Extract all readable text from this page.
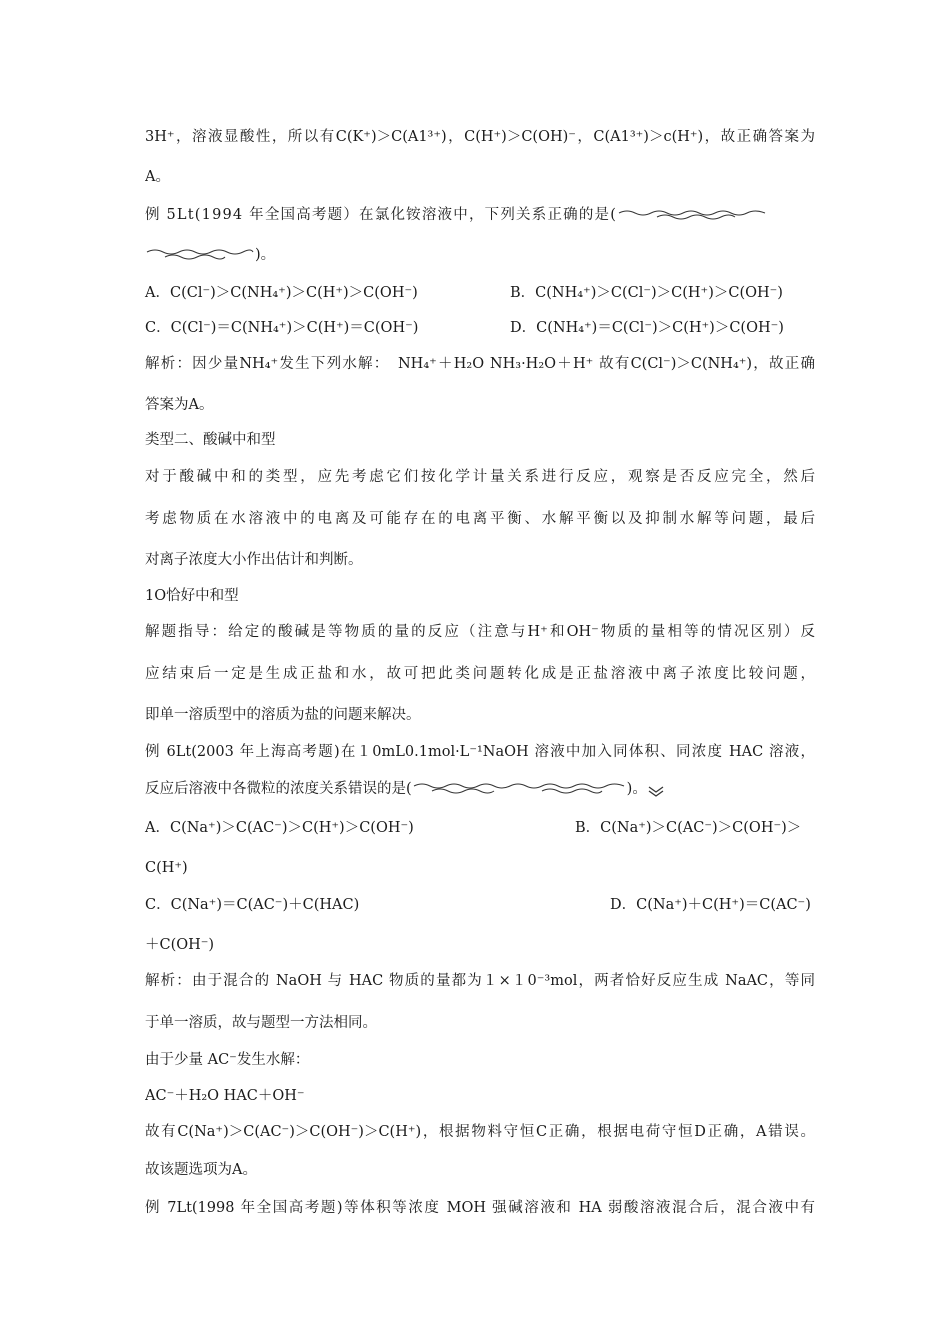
3H⁺，溶液显酸性，所以有C(K⁺)＞C(A1³⁺)，C(H⁺)＞C(OH)⁻，C(A1³⁺)＞c(H⁺)，故正确答案为
A。
例 5Ⅼt(1994 年全国高考题）在氯化铵溶液中，下列关系正确的是(
)。
A．C(Cl⁻)＞C(NH₄⁺)＞C(H⁺)＞C(OH⁻)	B．C(NH₄⁺)＞C(Cl⁻)＞C(H⁺)＞C(OH⁻)
C．C(Cl⁻)＝C(NH₄⁺)＞C(H⁺)＝C(OH⁻)	D．C(NH₄⁺)＝C(Cl⁻)＞C(H⁺)＞C(OH⁻)
解析：因少量NH₄⁺发生下列水解：　NH₄⁺＋H₂O NH₃·H₂O＋H⁺ 故有C(Cl⁻)＞C(NH₄⁺)，故正确
答案为A。
类型二、酸碱中和型
对于酸碱中和的类型，应先考虑它们按化学计量关系进行反应，观察是否反应完全，然后
考虑物质在水溶液中的电离及可能存在的电离平衡、水解平衡以及抑制水解等问题，最后
对离子浓度大小作出估计和判断。
1O恰好中和型
解题指导：给定的酸碱是等物质的量的反应（注意与H⁺和OH⁻物质的量相等的情况区别）反
应结束后一定是生成正盐和水，故可把此类问题转化成是正盐溶液中离子浓度比较问题，
即单一溶质型中的溶质为盐的问题来解决。
例 6Ⅼt(2003 年上海高考题)在１0mL0.1mol·L⁻¹NaOH 溶液中加入同体积、同浓度 HAC 溶液，
反应后溶液中各微粒的浓度关系错误的是(	)。
A．C(Na⁺)＞C(AC⁻)＞C(H⁺)＞C(OH⁻)	B．C(Na⁺)＞C(AC⁻)＞C(OH⁻)＞
C(H⁺)
C．C(Na⁺)＝C(AC⁻)＋C(HAC)	D．C(Na⁺)＋C(H⁺)＝C(AC⁻)
＋C(OH⁻)
解析：由于混合的 NaOH 与 HAC 物质的量都为１×１0⁻³mol，两者恰好反应生成 NaAC，等同
于单一溶质，故与题型一方法相同。
由于少量 AC⁻发生水解：
AC⁻＋H₂O HAC＋OH⁻
故有C(Na⁺)＞C(AC⁻)＞C(OH⁻)＞C(H⁺)，根据物料守恒C正确，根据电荷守恒D正确，A错误。
故该题选项为A。
例 7Ⅼt(1998 年全国高考题)等体积等浓度 MOH 强碱溶液和 HA 弱酸溶液混合后，混合液中有
